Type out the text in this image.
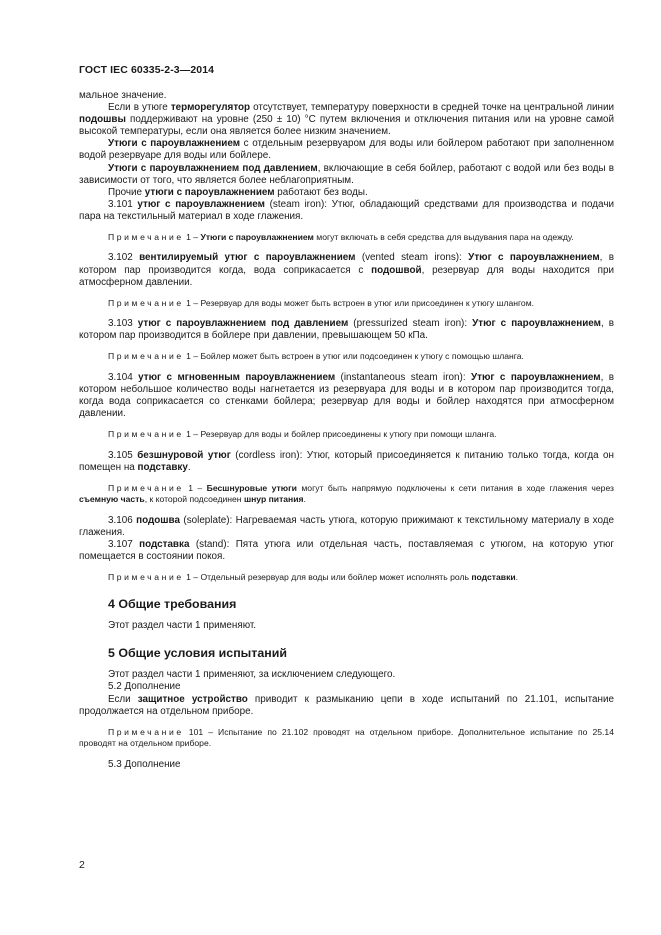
ГОСТ IEC 60335-2-3—2014

мальное значение.

Если в утюге терморегулятор отсутствует, температуру поверхности в средней точке на центральной линии подошвы поддерживают на уровне (250 ± 10) °С путем включения и отключения питания или на уровне самой высокой температуры, если она является более низким значением.

Утюги с пароувлажнением с отдельным резервуаром для воды или бойлером работают при заполненном водой резервуаре для воды или бойлере.

Утюги с пароувлажнением под давлением, включающие в себя бойлер, работают с водой или без воды в зависимости от того, что является более неблагоприятным.

Прочие утюги с пароувлажнением работают без воды.

3.101 утюг с пароувлажнением (steam iron): Утюг, обладающий средствами для производства и подачи пара на текстильный материал в ходе глажения.

Примечание 1 – Утюги с пароувлажнением могут включать в себя средства для выдувания пара на одежду.

3.102 вентилируемый утюг с пароувлажнением (vented steam irons): Утюг с пароувлажнением, в котором пар производится когда, вода соприкасается с подошвой, резервуар для воды находится при атмосферном давлении.

Примечание 1 – Резервуар для воды может быть встроен в утюг или присоединен к утюгу шлангом.

3.103 утюг с пароувлажнением под давлением (pressurized steam iron): Утюг с пароувлажнением, в котором пар производится в бойлере при давлении, превышающем 50 кПа.

Примечание 1 – Бойлер может быть встроен в утюг или подсоединен к утюгу с помощью шланга.

3.104 утюг с мгновенным пароувлажнением (instantaneous steam iron): Утюг с пароувлажнением, в котором небольшое количество воды нагнетается из резервуара для воды и в котором пар производится тогда, когда вода соприкасается со стенками бойлера; резервуар для воды и бойлер находятся при атмосферном давлении.

Примечание 1 – Резервуар для воды и бойлер присоединены к утюгу при помощи шланга.

3.105 безшнуровой утюг (cordless iron): Утюг, который присоединяется к питанию только тогда, когда он помещен на подставку.

Примечание 1 – Бесшнуровые утюги могут быть напрямую подключены к сети питания в ходе глажения через съемную часть, к которой подсоединен шнур питания.

3.106 подошва (soleplate): Нагреваемая часть утюга, которую прижимают к текстильному материалу в ходе глажения.

3.107 подставка (stand): Пята утюга или отдельная часть, поставляемая с утюгом, на которую утюг помещается в состоянии покоя.

Примечание 1 – Отдельный резервуар для воды или бойлер может исполнять роль подставки.

4 Общие требования

Этот раздел части 1 применяют.

5 Общие условия испытаний

Этот раздел части 1 применяют, за исключением следующего.

5.2 Дополнение

Если защитное устройство приводит к размыканию цепи в ходе испытаний по 21.101, испытание продолжается на отдельном приборе.

Примечание 101 – Испытание по 21.102 проводят на отдельном приборе. Дополнительное испытание по 25.14 проводят на отдельном приборе.

5.3 Дополнение

2
